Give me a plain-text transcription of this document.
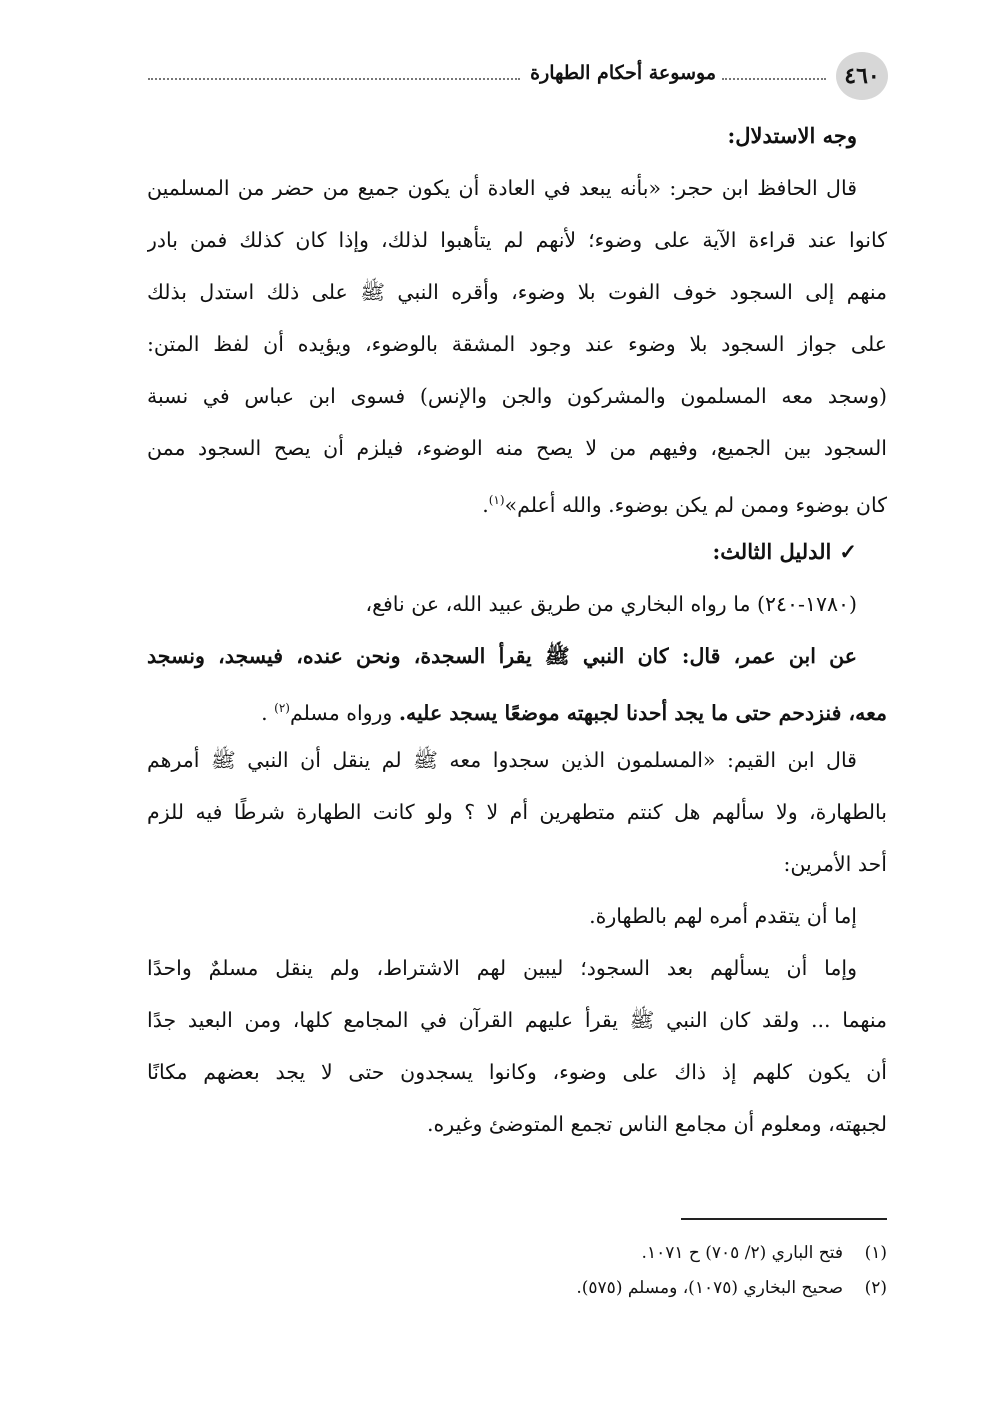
٤٦٠
موسوعة أحكام الطهارة
وجه الاستدلال:
قال الحافظ ابن حجر: «بأنه يبعد في العادة أن يكون جميع من حضر من المسلمين
كانوا عند قراءة الآية على وضوء؛ لأنهم لم يتأهبوا لذلك، وإذا كان كذلك فمن بادر
منهم إلى السجود خوف الفوت بلا وضوء، وأقره النبي ﷺ على ذلك استدل بذلك
على جواز السجود بلا وضوء عند وجود المشقة بالوضوء، ويؤيده أن لفظ المتن:
(وسجد معه المسلمون والمشركون والجن والإنس) فسوى ابن عباس في نسبة
السجود بين الجميع، وفيهم من لا يصح منه الوضوء، فيلزم أن يصح السجود ممن
كان بوضوء وممن لم يكن بوضوء. والله أعلم»$^{(١)}$.
✓الدليل الثالث:
(١٧٨٠-٢٤٠) ما رواه البخاري من طريق عبيد الله، عن نافع،
عن ابن عمر، قال: كان النبي ﷺ يقرأ السجدة، ونحن عنده، فيسجد، ونسجد
معه، فنزدحم حتى ما يجد أحدنا لجبهته موضعًا يسجد عليه. ورواه مسلم$^{(٢)}$ .
قال ابن القيم: «المسلمون الذين سجدوا معه ﷺ لم ينقل أن النبي ﷺ أمرهم
بالطهارة، ولا سألهم هل كنتم متطهرين أم لا ؟ ولو كانت الطهارة شرطًا فيه للزم
أحد الأمرين:
إما أن يتقدم أمره لهم بالطهارة.
وإما أن يسألهم بعد السجود؛ ليبين لهم الاشتراط، ولم ينقل مسلمٌ واحدًا
منهما ... ولقد كان النبي ﷺ يقرأ عليهم القرآن في المجامع كلها، ومن البعيد جدًا
أن يكون كلهم إذ ذاك على وضوء، وكانوا يسجدون حتى لا يجد بعضهم مكانًا
لجبهته، ومعلوم أن مجامع الناس تجمع المتوضئ وغيره.
(١)فتح الباري (٢/ ٧٠٥) ح ١٠٧١.
(٢)صحيح البخاري (١٠٧٥)، ومسلم (٥٧٥).
